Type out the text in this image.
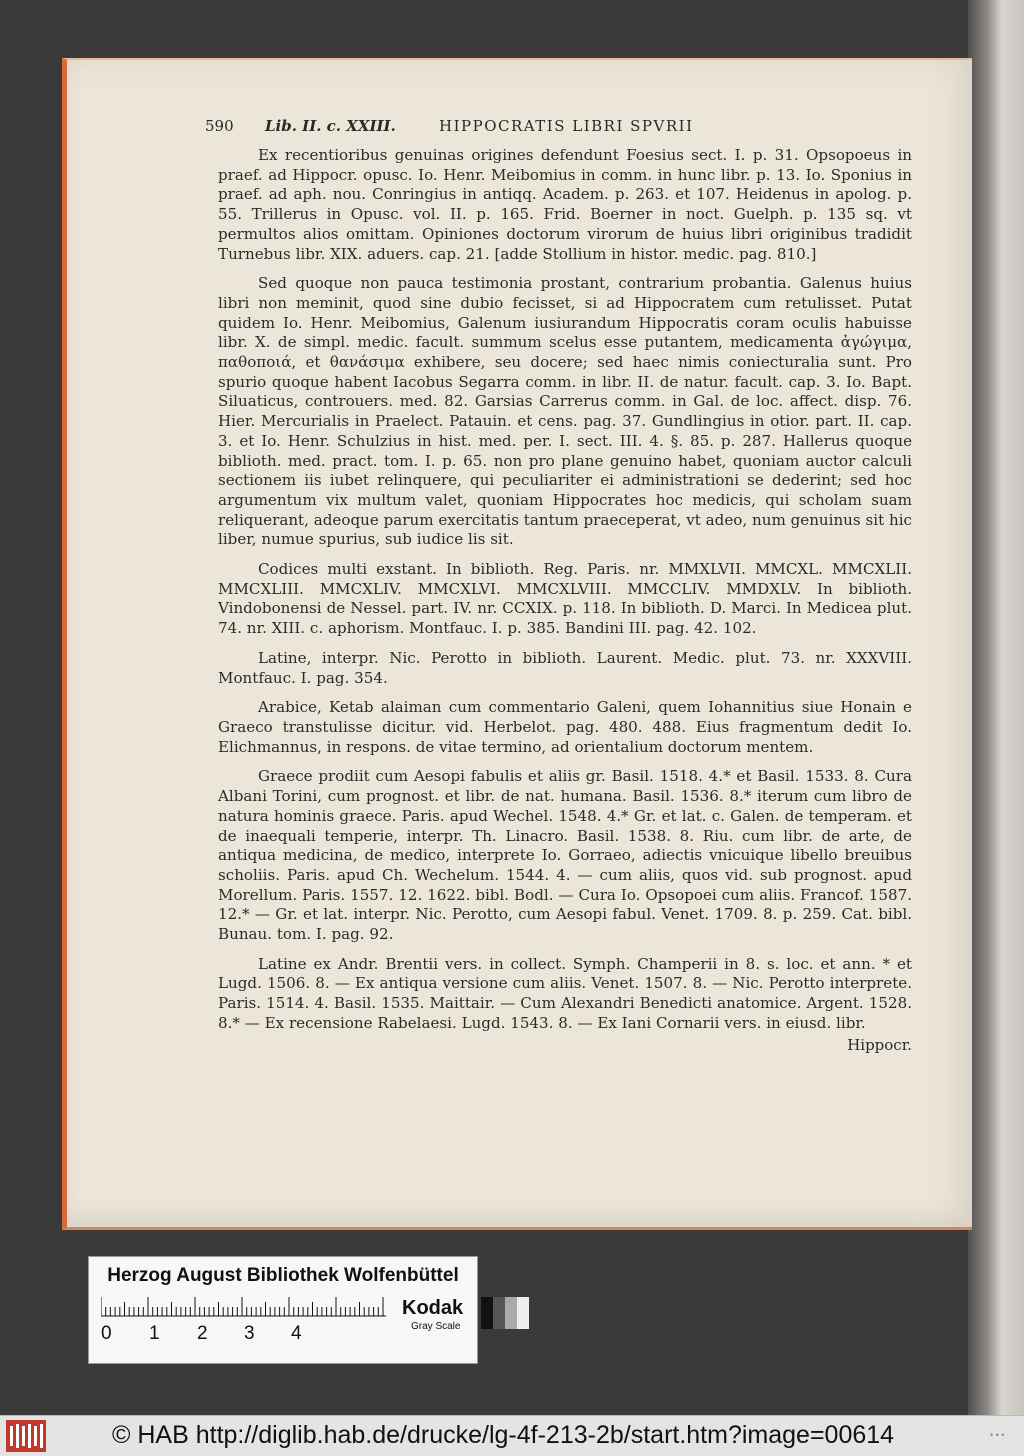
590 Lib. II. c. XXIII.	HIPPOCRATIS LIBRI SPVRII

Ex recentioribus genuinas origines defendunt Foesius sect. I. p. 31. Opsopoeus in praef. ad Hippocr. opusc. Io. Henr. Meibomius in comm. in hunc libr. p. 13. Io. Sponius in praef. ad aph. nou. Conringius in antiqq. Academ. p. 263. et 107. Heidenus in apolog. p. 55. Trillerus in Opusc. vol. II. p. 165. Frid. Boerner in noct. Guelph. p. 135 sq. vt permultos alios omittam. Opiniones doctorum virorum de huius libri originibus tradidit Turnebus libr. XIX. aduers. cap. 21. [adde Stollium in histor. medic. pag. 810.]

Sed quoque non pauca testimonia prostant, contrarium probantia. Galenus huius libri non meminit, quod sine dubio fecisset, si ad Hippocratem cum retulisset. Putat quidem Io. Henr. Meibomius, Galenum iusiurandum Hippocratis coram oculis habuisse libr. X. de simpl. medic. facult. summum scelus esse putantem, medicamenta ἀγώγιμα, παθοποιά, et θανάσιμα exhibere, seu docere; sed haec nimis coniecturalia sunt. Pro spurio quoque habent Iacobus Segarra comm. in libr. II. de natur. facult. cap. 3. Io. Bapt. Siluaticus, controuers. med. 82. Garsias Carrerus comm. in Gal. de loc. affect. disp. 76. Hier. Mercurialis in Praelect. Patauin. et cens. pag. 37. Gundlingius in otior. part. II. cap. 3. et Io. Henr. Schulzius in hist. med. per. I. sect. III. 4. §. 85. p. 287. Hallerus quoque biblioth. med. pract. tom. I. p. 65. non pro plane genuino habet, quoniam auctor calculi sectionem iis iubet relinquere, qui peculiariter ei administrationi se dederint; sed hoc argumentum vix multum valet, quoniam Hippocrates hoc medicis, qui scholam suam reliquerant, adeoque parum exercitatis tantum praeceperat, vt adeo, num genuinus sit hic liber, numue spurius, sub iudice lis sit.

Codices multi exstant. In biblioth. Reg. Paris. nr. MMXLVII. MMCXL. MMCXLII. MMCXLIII. MMCXLIV. MMCXLVI. MMCXLVIII. MMCCLIV. MMDXLV. In biblioth. Vindobonensi de Nessel. part. IV. nr. CCXIX. p. 118. In biblioth. D. Marci. In Medicea plut. 74. nr. XIII. c. aphorism. Montfauc. I. p. 385. Bandini III. pag. 42. 102.

Latine, interpr. Nic. Perotto in biblioth. Laurent. Medic. plut. 73. nr. XXXVIII. Montfauc. I. pag. 354.

Arabice, Ketab alaiman cum commentario Galeni, quem Iohannitius siue Honain e Graeco transtulisse dicitur. vid. Herbelot. pag. 480. 488. Eius fragmentum dedit Io. Elichmannus, in respons. de vitae termino, ad orientalium doctorum mentem.

Graece prodiit cum Aesopi fabulis et aliis gr. Basil. 1518. 4.* et Basil. 1533. 8. Cura Albani Torini, cum prognost. et libr. de nat. humana. Basil. 1536. 8.* iterum cum libro de natura hominis graece. Paris. apud Wechel. 1548. 4.* Gr. et lat. c. Galen. de temperam. et de inaequali temperie, interpr. Th. Linacro. Basil. 1538. 8. Riu. cum libr. de arte, de antiqua medicina, de medico, interprete Io. Gorraeo, adiectis vnicuique libello breuibus scholiis. Paris. apud Ch. Wechelum. 1544. 4. — cum aliis, quos vid. sub prognost. apud Morellum. Paris. 1557. 12. 1622. bibl. Bodl. — Cura Io. Opsopoei cum aliis. Francof. 1587. 12.* — Gr. et lat. interpr. Nic. Perotto, cum Aesopi fabul. Venet. 1709. 8. p. 259. Cat. bibl. Bunau. tom. I. pag. 92.

Latine ex Andr. Brentii vers. in collect. Symph. Champerii in 8. s. loc. et ann. * et Lugd. 1506. 8. — Ex antiqua versione cum aliis. Venet. 1507. 8. — Nic. Perotto interprete. Paris. 1514. 4. Basil. 1535. Maittair. — Cum Alexandri Benedicti anatomice. Argent. 1528. 8.* — Ex recensione Rabelaesi. Lugd. 1543. 8. — Ex Iani Cornarii vers. in eiusd. libr.

Hippocr.
Herzog August Bibliothek Wolfenbüttel
0 1 2 3 4
Kodak
Gray Scale
© HAB http://diglib.hab.de/drucke/lg-4f-213-2b/start.htm?image=00614	• • •
